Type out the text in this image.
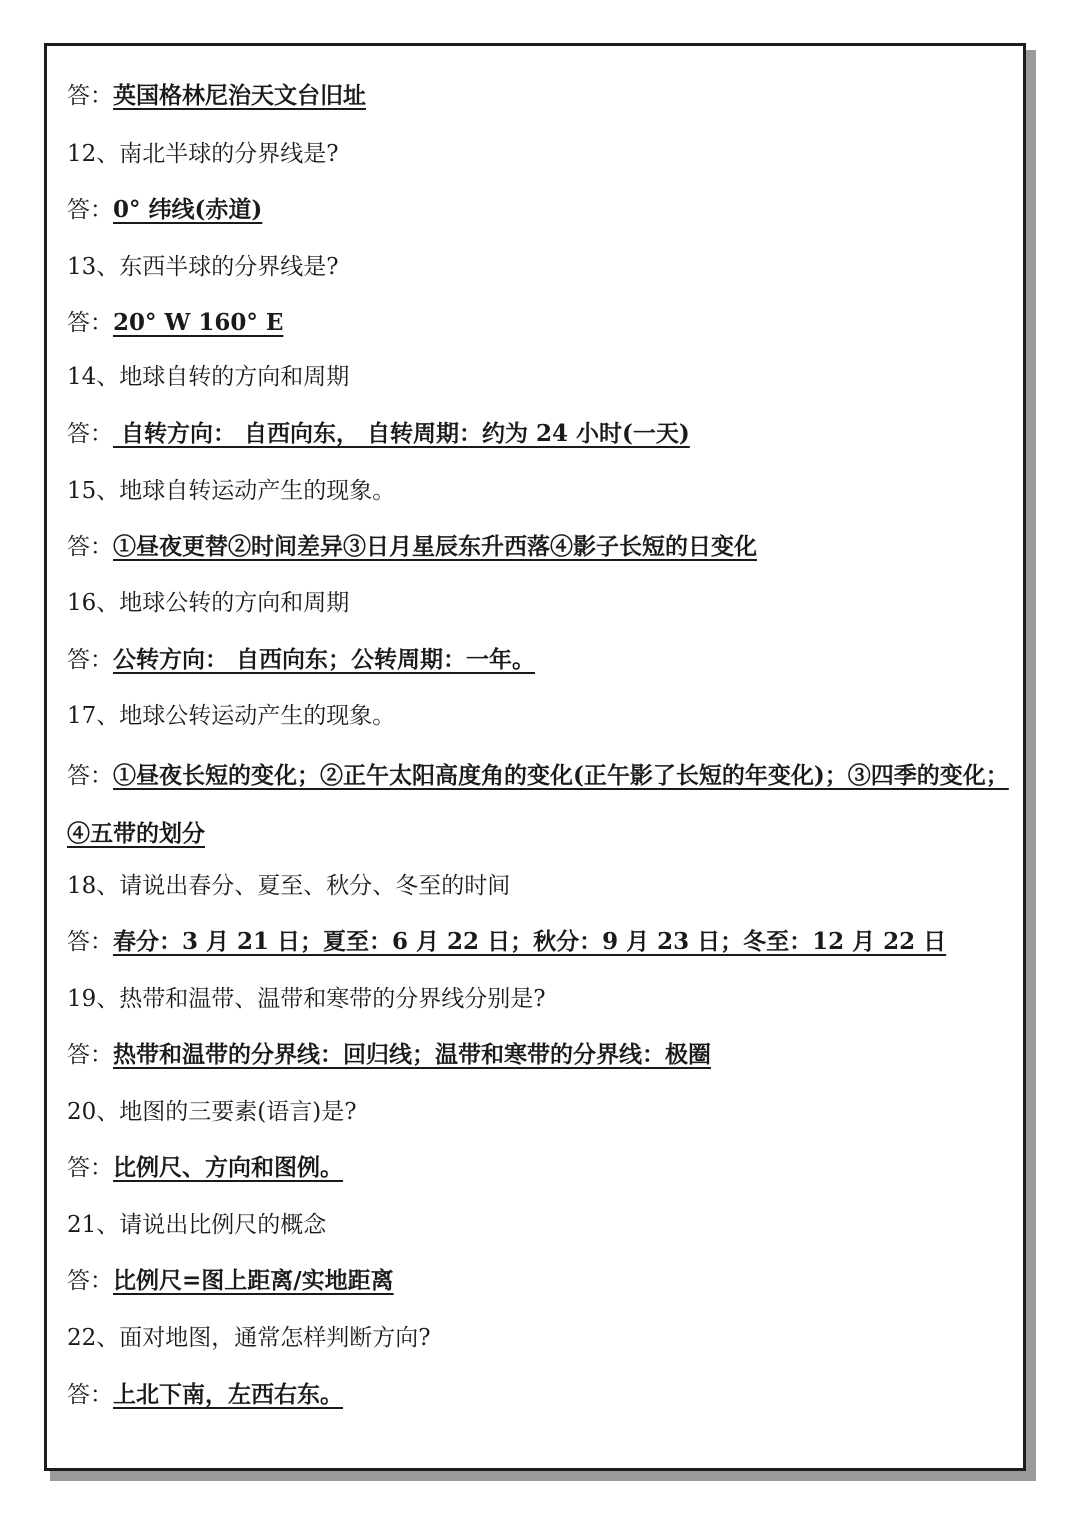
答：英国格林尼治天文台旧址
12、南北半球的分界线是?
答：0° 纬线(赤道)
13、东西半球的分界线是?
答：20° W 160° E
14、地球自转的方向和周期
答： 自转方向： 自西向东， 自转周期：约为 24 小时(一天)
15、地球自转运动产生的现象。
答：①昼夜更替②时间差异③日月星辰东升西落④影子长短的日变化
16、地球公转的方向和周期
答：公转方向： 自西向东；公转周期：一年。
17、地球公转运动产生的现象。
答：①昼夜长短的变化；②正午太阳高度角的变化(正午影了长短的年变化)；③四季的变化；④五带的划分
18、请说出春分、夏至、秋分、冬至的时间
答：春分：3 月 21 日；夏至：6 月 22 日；秋分：9 月 23 日；冬至：12 月 22 日
19、热带和温带、温带和寒带的分界线分别是?
答：热带和温带的分界线：回归线；温带和寒带的分界线：极圈
20、地图的三要素(语言)是?
答：比例尺、方向和图例。
21、请说出比例尺的概念
答：比例尺=图上距离/实地距离
22、面对地图，通常怎样判断方向?
答：上北下南，左西右东。
